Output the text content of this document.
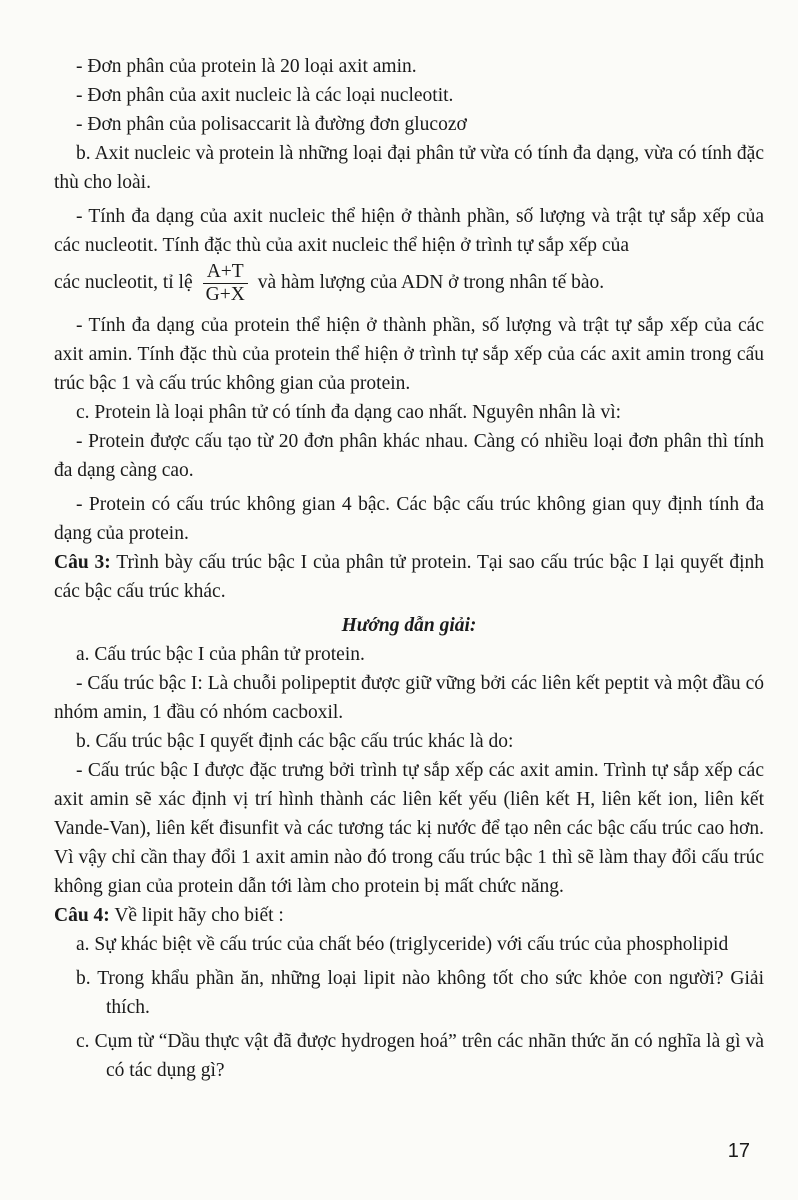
- Đơn phân của protein là 20 loại axit amin.

- Đơn phân của axit nucleic là các loại nucleotit.

- Đơn phân của polisaccarit là đường đơn glucozơ

b. Axit nucleic và protein là những loại đại phân tử vừa có tính đa dạng, vừa có tính đặc thù cho loài.

- Tính đa dạng của axit nucleic thể hiện ở thành phần, số lượng và trật tự sắp xếp của các nucleotit. Tính đặc thù của axit nucleic thể hiện ở trình tự sắp xếp của

các nucleotit, tỉ lệ $\frac{A+T}{G+X}$ và hàm lượng của ADN ở trong nhân tế bào.

- Tính đa dạng của protein thể hiện ở thành phần, số lượng và trật tự sắp xếp của các axit amin. Tính đặc thù của protein thể hiện ở trình tự sắp xếp của các axit amin trong cấu trúc bậc 1 và cấu trúc không gian của protein.

c. Protein là loại phân tử có tính đa dạng cao nhất. Nguyên nhân là vì:

- Protein được cấu tạo từ 20 đơn phân khác nhau. Càng có nhiều loại đơn phân thì tính đa dạng càng cao.

- Protein có cấu trúc không gian 4 bậc. Các bậc cấu trúc không gian quy định tính đa dạng của protein.

Câu 3: Trình bày cấu trúc bậc I của phân tử protein. Tại sao cấu trúc bậc I lại quyết định các bậc cấu trúc khác.

Hướng dẫn giải:

a. Cấu trúc bậc I của phân tử protein.

- Cấu trúc bậc I: Là chuỗi polipeptit được giữ vững bởi các liên kết peptit và một đầu có nhóm amin, 1 đầu có nhóm cacboxil.

b. Cấu trúc bậc I quyết định các bậc cấu trúc khác là do:

- Cấu trúc bậc I được đặc trưng bởi trình tự sắp xếp các axit amin. Trình tự sắp xếp các axit amin sẽ xác định vị trí hình thành các liên kết yếu (liên kết H, liên kết ion, liên kết Vande-Van), liên kết đisunfit và các tương tác kị nước để tạo nên các bậc cấu trúc cao hơn. Vì vậy chỉ cần thay đổi 1 axit amin nào đó trong cấu trúc bậc 1 thì sẽ làm thay đổi cấu trúc không gian của protein dẫn tới làm cho protein bị mất chức năng.

Câu 4: Về lipit hãy cho biết :

a. Sự khác biệt về cấu trúc của chất béo (triglyceride) với cấu trúc của phospholipid

b. Trong khẩu phần ăn, những loại lipit nào không tốt cho sức khỏe con người? Giải thích.

c. Cụm từ “Dầu thực vật đã được hydrogen hoá” trên các nhãn thức ăn có nghĩa là gì và có tác dụng gì?

17
